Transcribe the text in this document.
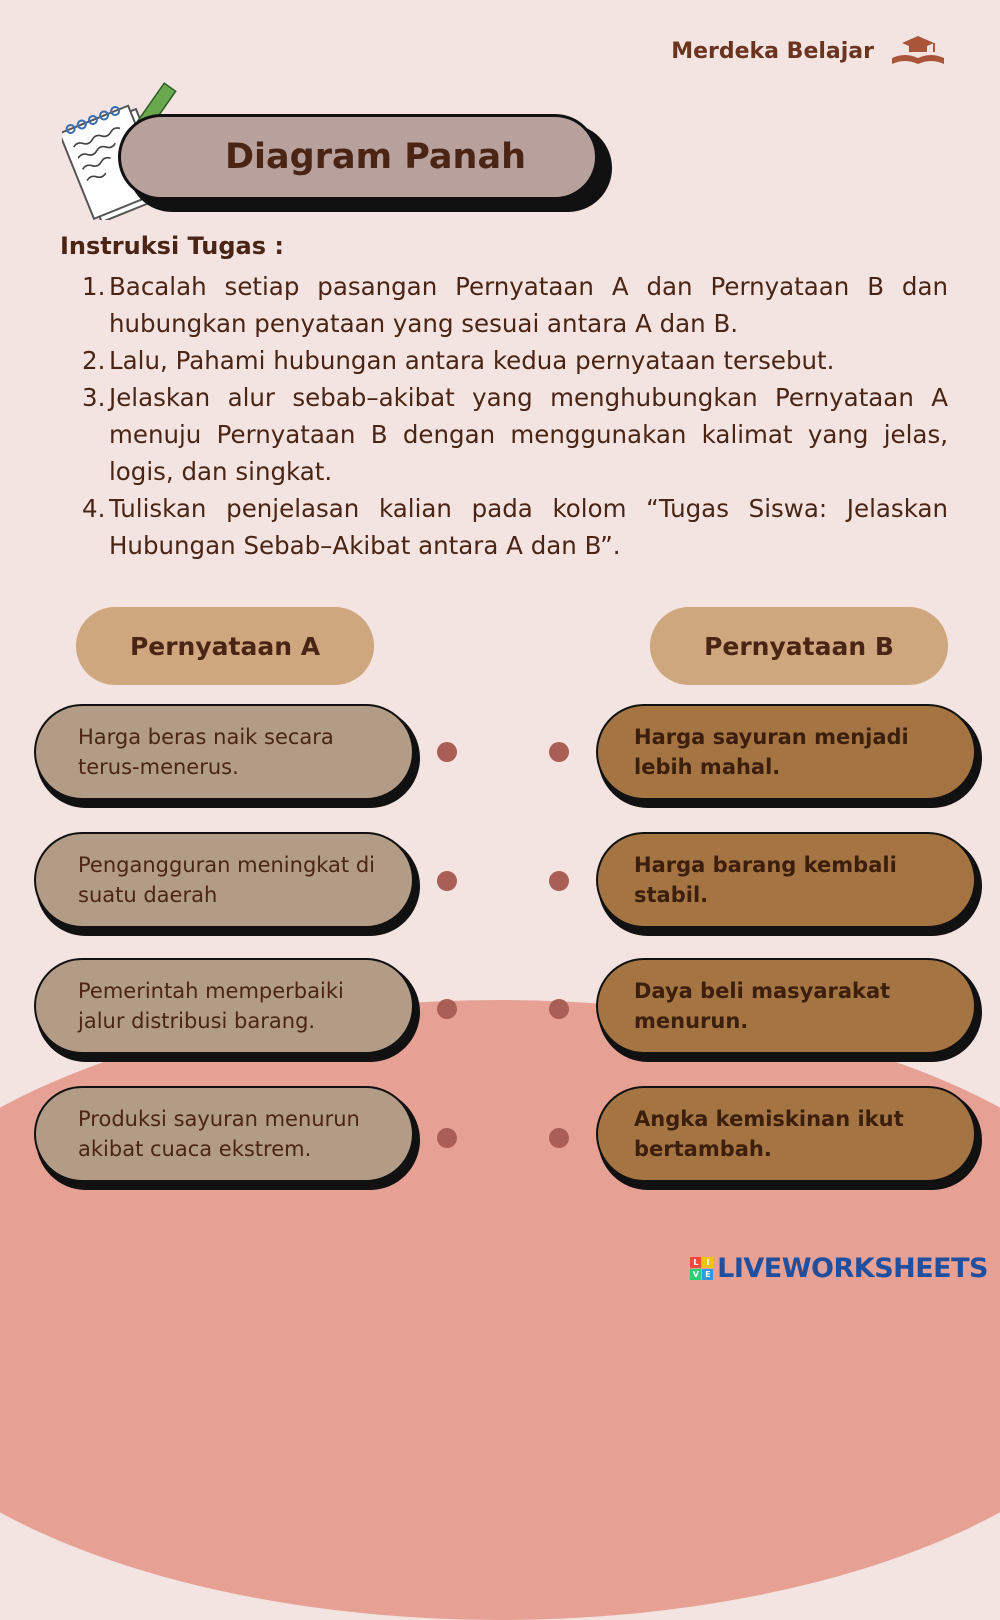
Merdeka Belajar
Diagram Panah
Instruksi Tugas :
1. Bacalah setiap pasangan Pernyataan A dan Pernyataan B dan hubungkan penyataan yang sesuai antara A dan B.
2. Lalu, Pahami hubungan antara kedua pernyataan tersebut.
3. Jelaskan alur sebab–akibat yang menghubungkan Pernyataan A menuju Pernyataan B dengan menggunakan kalimat yang jelas, logis, dan singkat.
4. Tuliskan penjelasan kalian pada kolom “Tugas Siswa: Jelaskan Hubungan Sebab–Akibat antara A dan B”.
Pernyataan A	Pernyataan B
Harga beras naik secara terus-menerus.
Harga sayuran menjadi lebih mahal.
Pengangguran meningkat di suatu daerah
Harga barang kembali stabil.
Pemerintah memperbaiki jalur distribusi barang.
Daya beli masyarakat menurun.
Produksi sayuran menurun akibat cuaca ekstrem.
Angka kemiskinan ikut bertambah.
L	I
V E LIVEWORKSHEETS
